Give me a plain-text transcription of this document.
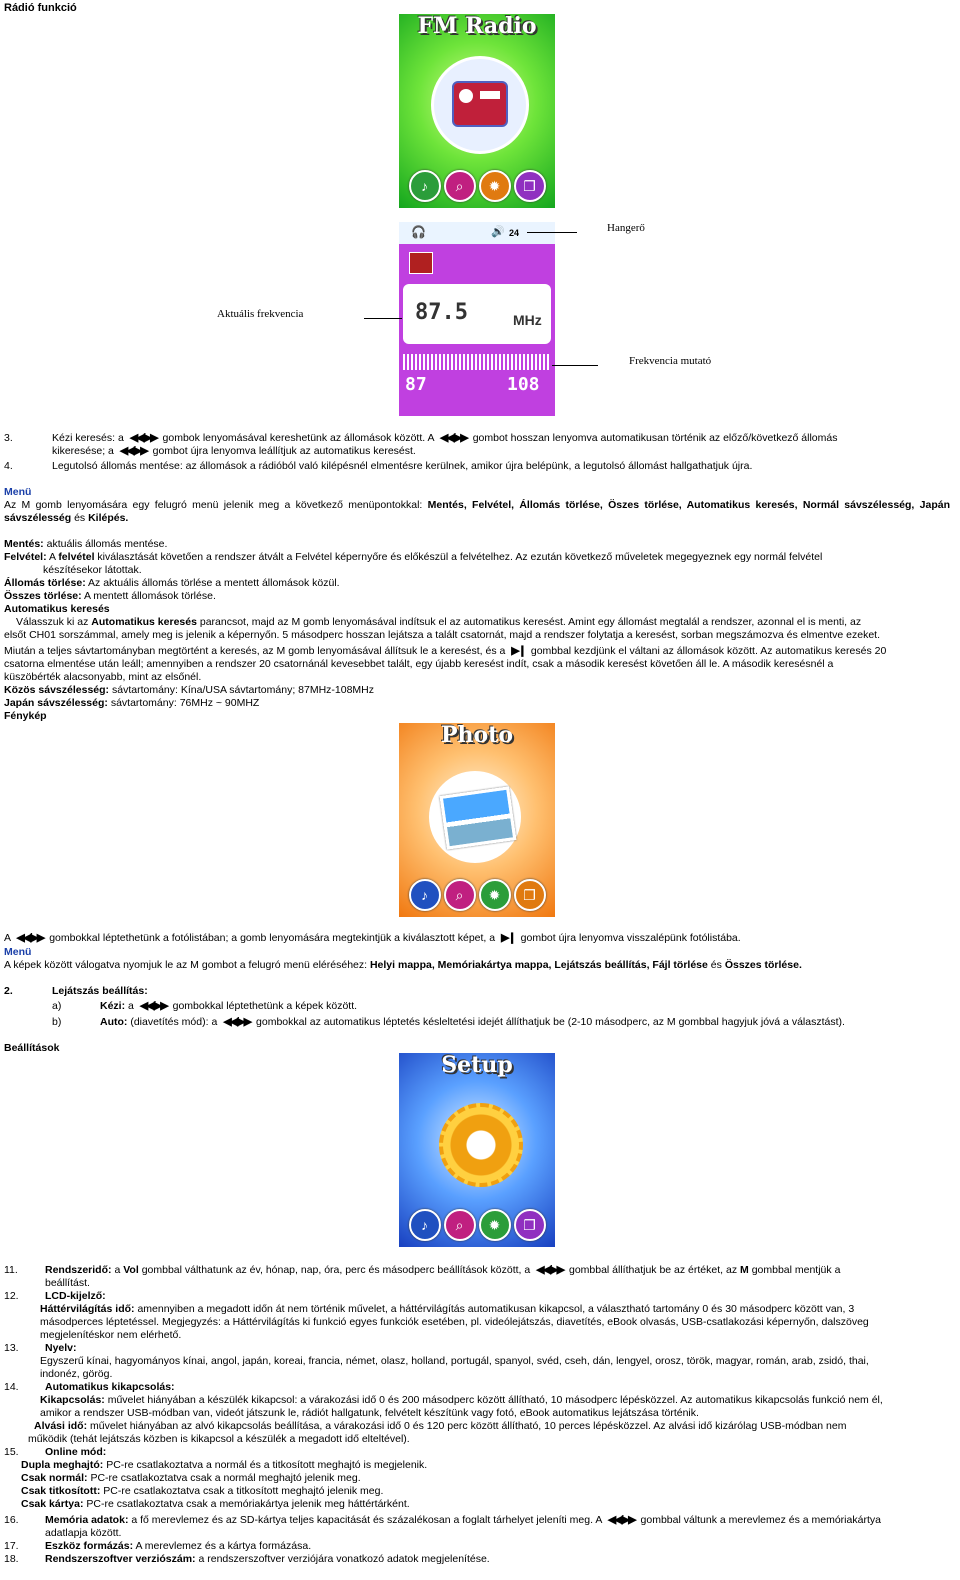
Rádió funkció
FM Radio
♪	⌕	✹	❐
🎧	🔊 24
87.5	MHz
87	108
Hangerő
Aktuális frekvencia
Frekvencia mutató
3.	Kézi keresés: a ◀◀/▶▶ gombok lenyomásával kereshetünk az állomások között. A ◀◀/▶▶ gombot hosszan lenyomva automatikusan történik az előző/következő állomás
kikeresése; a ◀◀/▶▶ gombot újra lenyomva leállítjuk az automatikus keresést.
4.	Legutolsó állomás mentése: az állomások a rádióból való kilépésnél elmentésre kerülnek, amikor újra belépünk, a legutolsó állomást hallgathatjuk újra.
Menü
Az M gomb lenyomására egy felugró menü jelenik meg a következő menüpontokkal: Mentés, Felvétel, Állomás törlése, Öszes törlése, Automatikus keresés, Normál sávszélesség, Japán sávszélesség és Kilépés.
Mentés: aktuális állomás mentése.
Felvétel: A felvétel kiválasztását követően a rendszer átvált a Felvétel képernyőre és előkészül a felvételhez. Az ezután következő műveletek megegyeznek egy normál felvétel
készítésekor látottak.
Állomás törlése: Az aktuális állomás törlése a mentett állomások közül.
Összes törlése: A mentett állomások törlése.
Automatikus keresés
Válasszuk ki az Automatikus keresés parancsot, majd az M gomb lenyomásával indítsuk el az automatikus keresést. Amint egy állomást megtalál a rendszer, azonnal el is menti, az
elsőt CH01 sorszámmal, amely meg is jelenik a képernyőn. 5 másodperc hosszan lejátsza a talált csatornát, majd a rendszer folytatja a keresést, sorban megszámozva és elmentve ezeket.
Miután a teljes sávtartományban megtörtént a keresés, az M gomb lenyomásával állítsuk le a keresést, és a ▶❙ gombbal kezdjünk el váltani az állomások között. Az automatikus keresés 20
csatorna elmentése után leáll; amennyiben a rendszer 20 csatornánál kevesebbet talált, egy újabb keresést indít, csak a második keresést követően áll le. A második keresésnél a
küszöbérték alacsonyabb, mint az elsőnél.
Közös sávszélesség: sávtartomány: Kína/USA sávtartomány; 87MHz-108MHz
Japán sávszélesség: sávtartomány: 76MHz ~ 90MHZ
Fénykép
Photo
♪	⌕	✹	❐
A ◀◀/▶▶ gombokkal léptethetünk a fotólistában; a gomb lenyomására megtekintjük a kiválasztott képet, a ▶❙ gombot újra lenyomva visszalépünk fotólistába.
Menü
A képek között válogatva nyomjuk le az M gombot a felugró menü eléréséhez: Helyi mappa, Memóriakártya mappa, Lejátszás beállítás, Fájl törlése és Összes törlése.
2.	Lejátszás beállítás:
a)	Kézi: a ◀◀/▶▶ gombokkal léptethetünk a képek között.
b)	Auto: (diavetítés mód): a ◀◀/▶▶ gombokkal az automatikus léptetés késleltetési idejét állíthatjuk be (2-10 másodperc, az M gombbal hagyjuk jóvá a választást).
Beállítások
Setup
♪	⌕	✹	❐
11.	Rendszeridő: a Vol gombbal válthatunk az év, hónap, nap, óra, perc és másodperc beállítások között, a ◀◀/▶▶ gombbal állíthatjuk be az értéket, az M gombbal mentjük a
beállítást.
12.	LCD-kijelző:
Háttérvilágítás idő: amennyiben a megadott időn át nem történik művelet, a háttérvilágítás automatikusan kikapcsol, a választható tartomány 0 és 30 másodperc között van, 3
másodperces léptetéssel. Megjegyzés: a Háttérvilágítás ki funkció egyes funkciók esetében, pl. videólejátszás, diavetítés, eBook olvasás, USB-csatlakozási képernyőn, dalszöveg
megjelenítéskor nem elérhető.
13.	Nyelv:
Egyszerű kínai, hagyományos kínai, angol, japán, koreai, francia, német, olasz, holland, portugál, spanyol, svéd, cseh, dán, lengyel, orosz, török, magyar, román, arab, zsidó, thai,
indonéz, görög.
14.	Automatikus kikapcsolás:
Kikapcsolás: művelet hiányában a készülék kikapcsol: a várakozási idő 0 és 200 másodperc között állítható, 10 másodperc lépésközzel. Az automatikus kikapcsolás funkció nem él,
amikor a rendszer USB-módban van, videót játszunk le, rádiót hallgatunk, felvételt készítünk vagy fotó, eBook automatikus lejátszása történik.
Alvási idő: művelet hiányában az alvó kikapcsolás beállítása, a várakozási idő 0 és 120 perc között állítható, 10 perces lépésközzel. Az alvási idő kizárólag USB-módban nem
működik (tehát lejátszás közben is kikapcsol a készülék a megadott idő elteltével).
15.	Online mód:
Dupla meghajtó: PC-re csatlakoztatva a normál és a titkosított meghajtó is megjelenik.
Csak normál: PC-re csatlakoztatva csak a normál meghajtó jelenik meg.
Csak titkosított: PC-re csatlakoztatva csak a titkosított meghajtó jelenik meg.
Csak kártya: PC-re csatlakoztatva csak a memóriakártya jelenik meg háttértárként.
16.	Memória adatok: a fő merevlemez és az SD-kártya teljes kapacitását és százalékosan a foglalt tárhelyet jeleníti meg. A ◀◀/▶▶ gombbal váltunk a merevlemez és a memóriakártya
adatlapja között.
17.	Eszköz formázás: A merevlemez és a kártya formázása.
18.	Rendszerszoftver verziószám: a rendszerszoftver verziójára vonatkozó adatok megjelenítése.
